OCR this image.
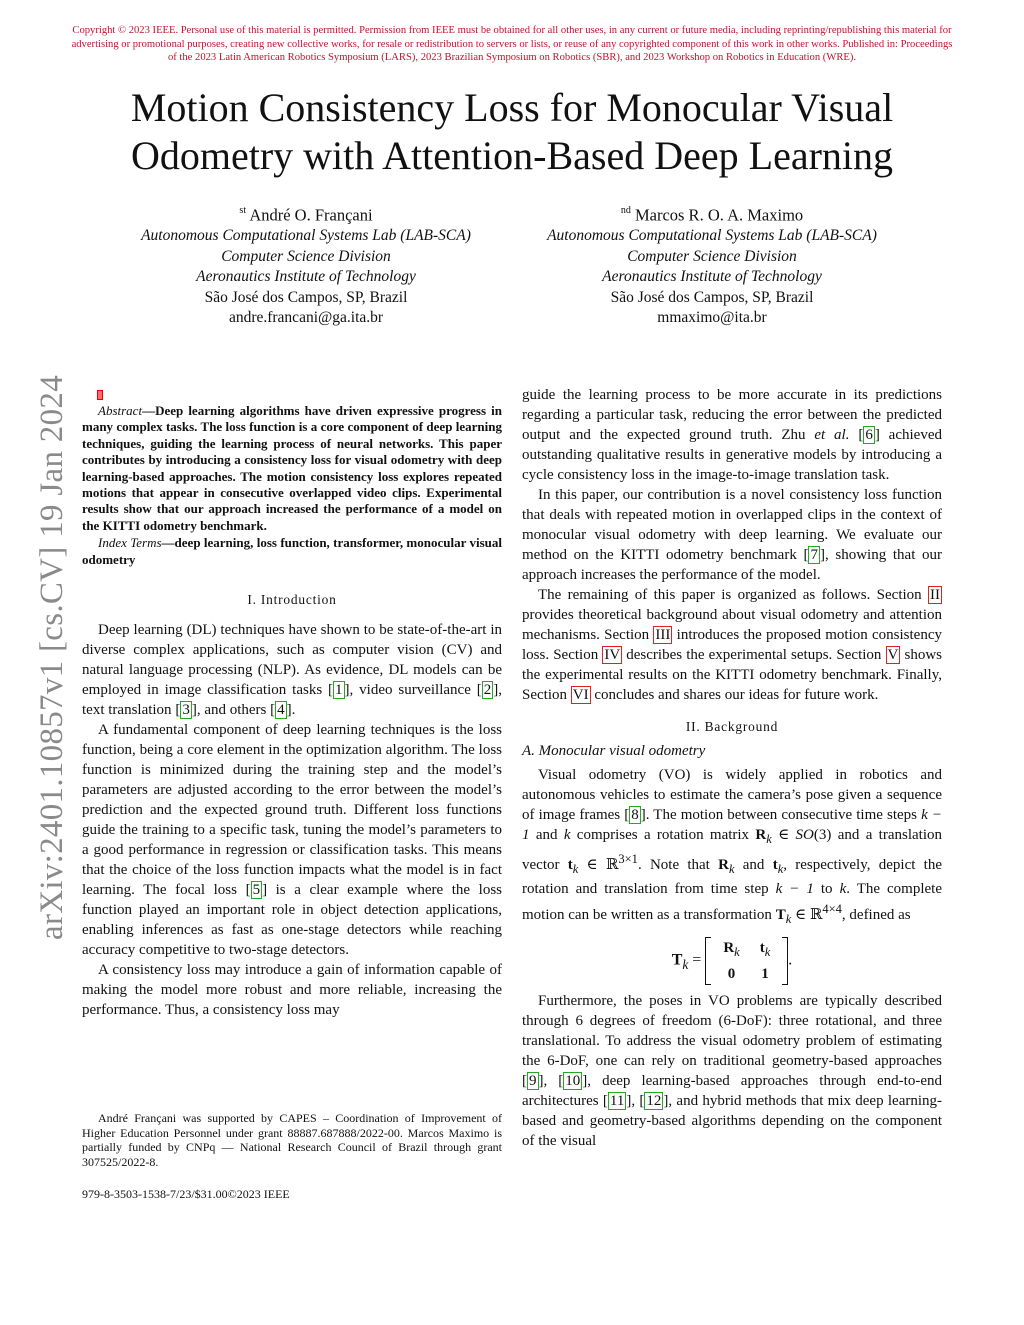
Copyright © 2023 IEEE. Personal use of this material is permitted. Permission from IEEE must be obtained for all other uses, in any current or future media, including reprinting/republishing this material for advertising or promotional purposes, creating new collective works, for resale or redistribution to servers or lists, or reuse of any copyrighted component of this work in other works. Published in: Proceedings of the 2023 Latin American Robotics Symposium (LARS), 2023 Brazilian Symposium on Robotics (SBR), and 2023 Workshop on Robotics in Education (WRE).
Motion Consistency Loss for Monocular Visual
Odometry with Attention-Based Deep Learning
$^{st}$ André O. Françani
Autonomous Computational Systems Lab (LAB-SCA)
Computer Science Division
Aeronautics Institute of Technology
São José dos Campos, SP, Brazil
andre.francani@ga.ita.br
$^{nd}$ Marcos R. O. A. Maximo
Autonomous Computational Systems Lab (LAB-SCA)
Computer Science Division
Aeronautics Institute of Technology
São José dos Campos, SP, Brazil
mmaximo@ita.br
arXiv:2401.10857v1 [cs.CV] 19 Jan 2024	Abstract—Deep learning algorithms have driven expressive progress in many complex tasks. The loss function is a core component of deep learning techniques, guiding the learning process of neural networks. This paper contributes by introducing a consistency loss for visual odometry with deep learning-based approaches. The motion consistency loss explores repeated motions that appear in consecutive overlapped video clips. Experimental results show that our approach increased the performance of a model on the KITTI odometry benchmark.
Index Terms—deep learning, loss function, transformer, monocular visual odometry
I. Introduction

Deep learning (DL) techniques have shown to be state-of-the-art in diverse complex applications, such as computer vision (CV) and natural language processing (NLP). As evidence, DL models can be employed in image classification tasks [ 1 ], video surveillance [ 2 ], text translation [ 3 ], and others [ 4 ].

A fundamental component of deep learning techniques is the loss function, being a core element in the optimization algorithm. The loss function is minimized during the training step and the model’s parameters are adjusted according to the error between the model’s prediction and the expected ground truth. Different loss functions guide the training to a specific task, tuning the model’s parameters to a good performance in regression or classification tasks. This means that the choice of the loss function impacts what the model is in fact learning. The focal loss [ 5 ] is a clear example where the loss function played an important role in object detection applications, enabling inferences as fast as one-stage detectors while reaching accuracy competitive to two-stage detectors.

A consistency loss may introduce a gain of information capable of making the model more robust and more reliable, increasing the performance. Thus, a consistency loss may

André Françani was supported by CAPES – Coordination of Improvement of Higher Education Personnel under grant 88887.687888/2022-00. Marcos Maximo is partially funded by CNPq — National Research Council of Brazil through grant 307525/2022-8.
979-8-3503-1538-7/23/$31.00©2023 IEEE

guide the learning process to be more accurate in its predictions regarding a particular task, reducing the error between the predicted output and the expected ground truth. Zhu et al. [ 6 ] achieved outstanding qualitative results in generative models by introducing a cycle consistency loss in the image-to-image translation task.

In this paper, our contribution is a novel consistency loss function that deals with repeated motion in overlapped clips in the context of monocular visual odometry with deep learning. We evaluate our method on the KITTI odometry benchmark [ 7 ], showing that our approach increases the performance of the model.

The remaining of this paper is organized as follows. Section II provides theoretical background about visual odometry and attention mechanisms. Section III introduces the proposed motion consistency loss. Section IV describes the experimental setups. Section V shows the experimental results on the KITTI odometry benchmark. Finally, Section VI concludes and shares our ideas for future work.

II. Background
A. Monocular visual odometry

Visual odometry (VO) is widely applied in robotics and autonomous vehicles to estimate the camera’s pose given a sequence of image frames [ 8 ]. The motion between consecutive time steps k − 1 and k comprises a rotation matrix $R_k$ ∈ SO(3) and a translation vector $t_k$ ∈ ℝ$^{3\times 1}$. Note that $R_k$ and $t_k$, respectively, depict the rotation and translation from time step k − 1 to k. The complete motion can be written as a transformation $T_k$ ∈ ℝ$^{4\times 4}$, defined as

$T_k$ =
$R_k$	$t_k$
0	1
.

Furthermore, the poses in VO problems are typically described through 6 degrees of freedom (6-DoF): three rotational, and three translational. To address the visual odometry problem of estimating the 6-DoF, one can rely on traditional geometry-based approaches [ 9 ], [ 10 ], deep learning-based approaches through end-to-end architectures [ 11 ], [ 12 ], and hybrid methods that mix deep learning-based and geometry-based algorithms depending on the component of the visual
